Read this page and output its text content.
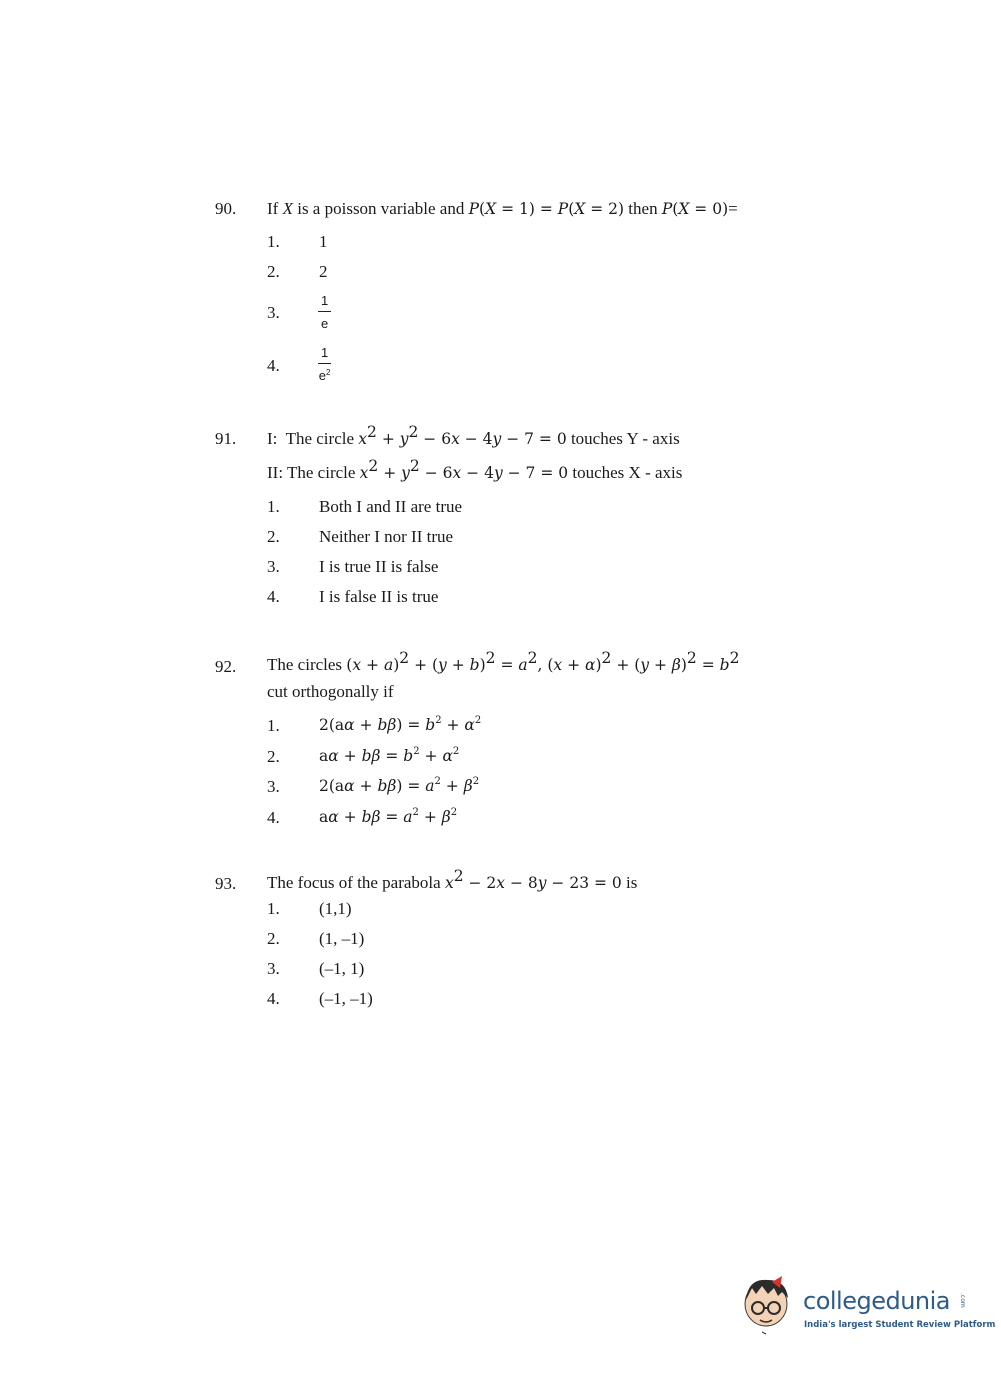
90. If X is a poisson variable and P(X = 1) = P(X = 2) then P(X = 0)=
1. 1
2. 2
3.	$\frac{1}{e}$
4.	$\frac{1}{e^2}$
91. I:  The circle $x^2 + y^2 - 6x - 4y - 7 = 0$ touches Y - axis
II: The circle $x^2 + y^2 - 6x - 4y - 7 = 0$ touches X - axis
1. Both I and II are true
2. Neither I nor II true
3. I is true II is false
4. I is false II is true
92. The circles $(x + a)^2 + (y + b)^2 = a^2$, $(x + \alpha)^2 + (y + \beta)^2 = b^2$
cut orthogonally if
1.	$2(a\alpha + b\beta) = b^2 + \alpha^2$
2.	$a\alpha + b\beta = b^2 + \alpha^2$
3.	$2(a\alpha + b\beta) = a^2 + \beta^2$
4.	$a\alpha + b\beta = a^2 + \beta^2$
93. The focus of the parabola $x^2 - 2x - 8y - 23 = 0$ is
1. (1,1)
2. (1, –1)
3. (–1, 1)
4. (–1, –1)
collegedunia .com
India's largest Student Review Platform
